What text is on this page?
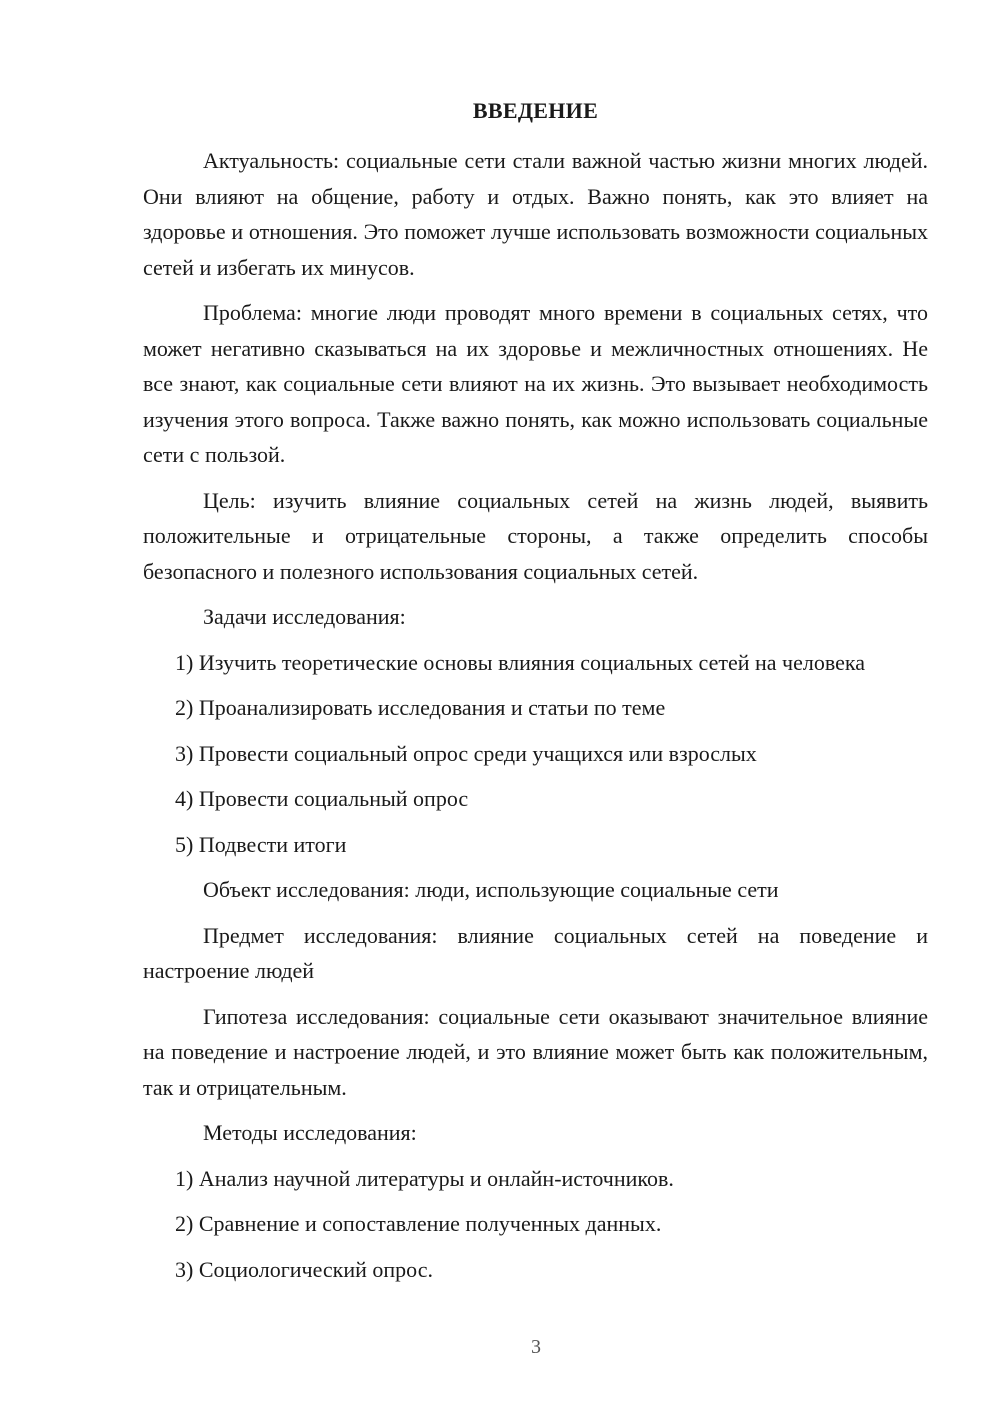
ВВЕДЕНИЕ

Актуальность: социальные сети стали важной частью жизни многих людей. Они влияют на общение, работу и отдых. Важно понять, как это влияет на здоровье и отношения. Это поможет лучше использовать возможности социальных сетей и избегать их минусов.

Проблема: многие люди проводят много времени в социальных сетях, что может негативно сказываться на их здоровье и межличностных отношениях. Не все знают, как социальные сети влияют на их жизнь. Это вызывает необходимость изучения этого вопроса. Также важно понять, как можно использовать социальные сети с пользой.

Цель: изучить влияние социальных сетей на жизнь людей, выявить положительные и отрицательные стороны, а также определить способы безопасного и полезного использования социальных сетей.

Задачи исследования:

1) Изучить теоретические основы влияния социальных сетей на человека

2) Проанализировать исследования и статьи по теме

3) Провести социальный опрос среди учащихся или взрослых

4) Провести социальный опрос

5) Подвести итоги

Объект исследования: люди, использующие социальные сети

Предмет исследования: влияние социальных сетей на поведение и настроение людей

Гипотеза исследования: социальные сети оказывают значительное влияние на поведение и настроение людей, и это влияние может быть как положительным, так и отрицательным.

Методы исследования:

1) Анализ научной литературы и онлайн-источников.

2) Сравнение и сопоставление полученных данных.

3) Социологический опрос.

3
